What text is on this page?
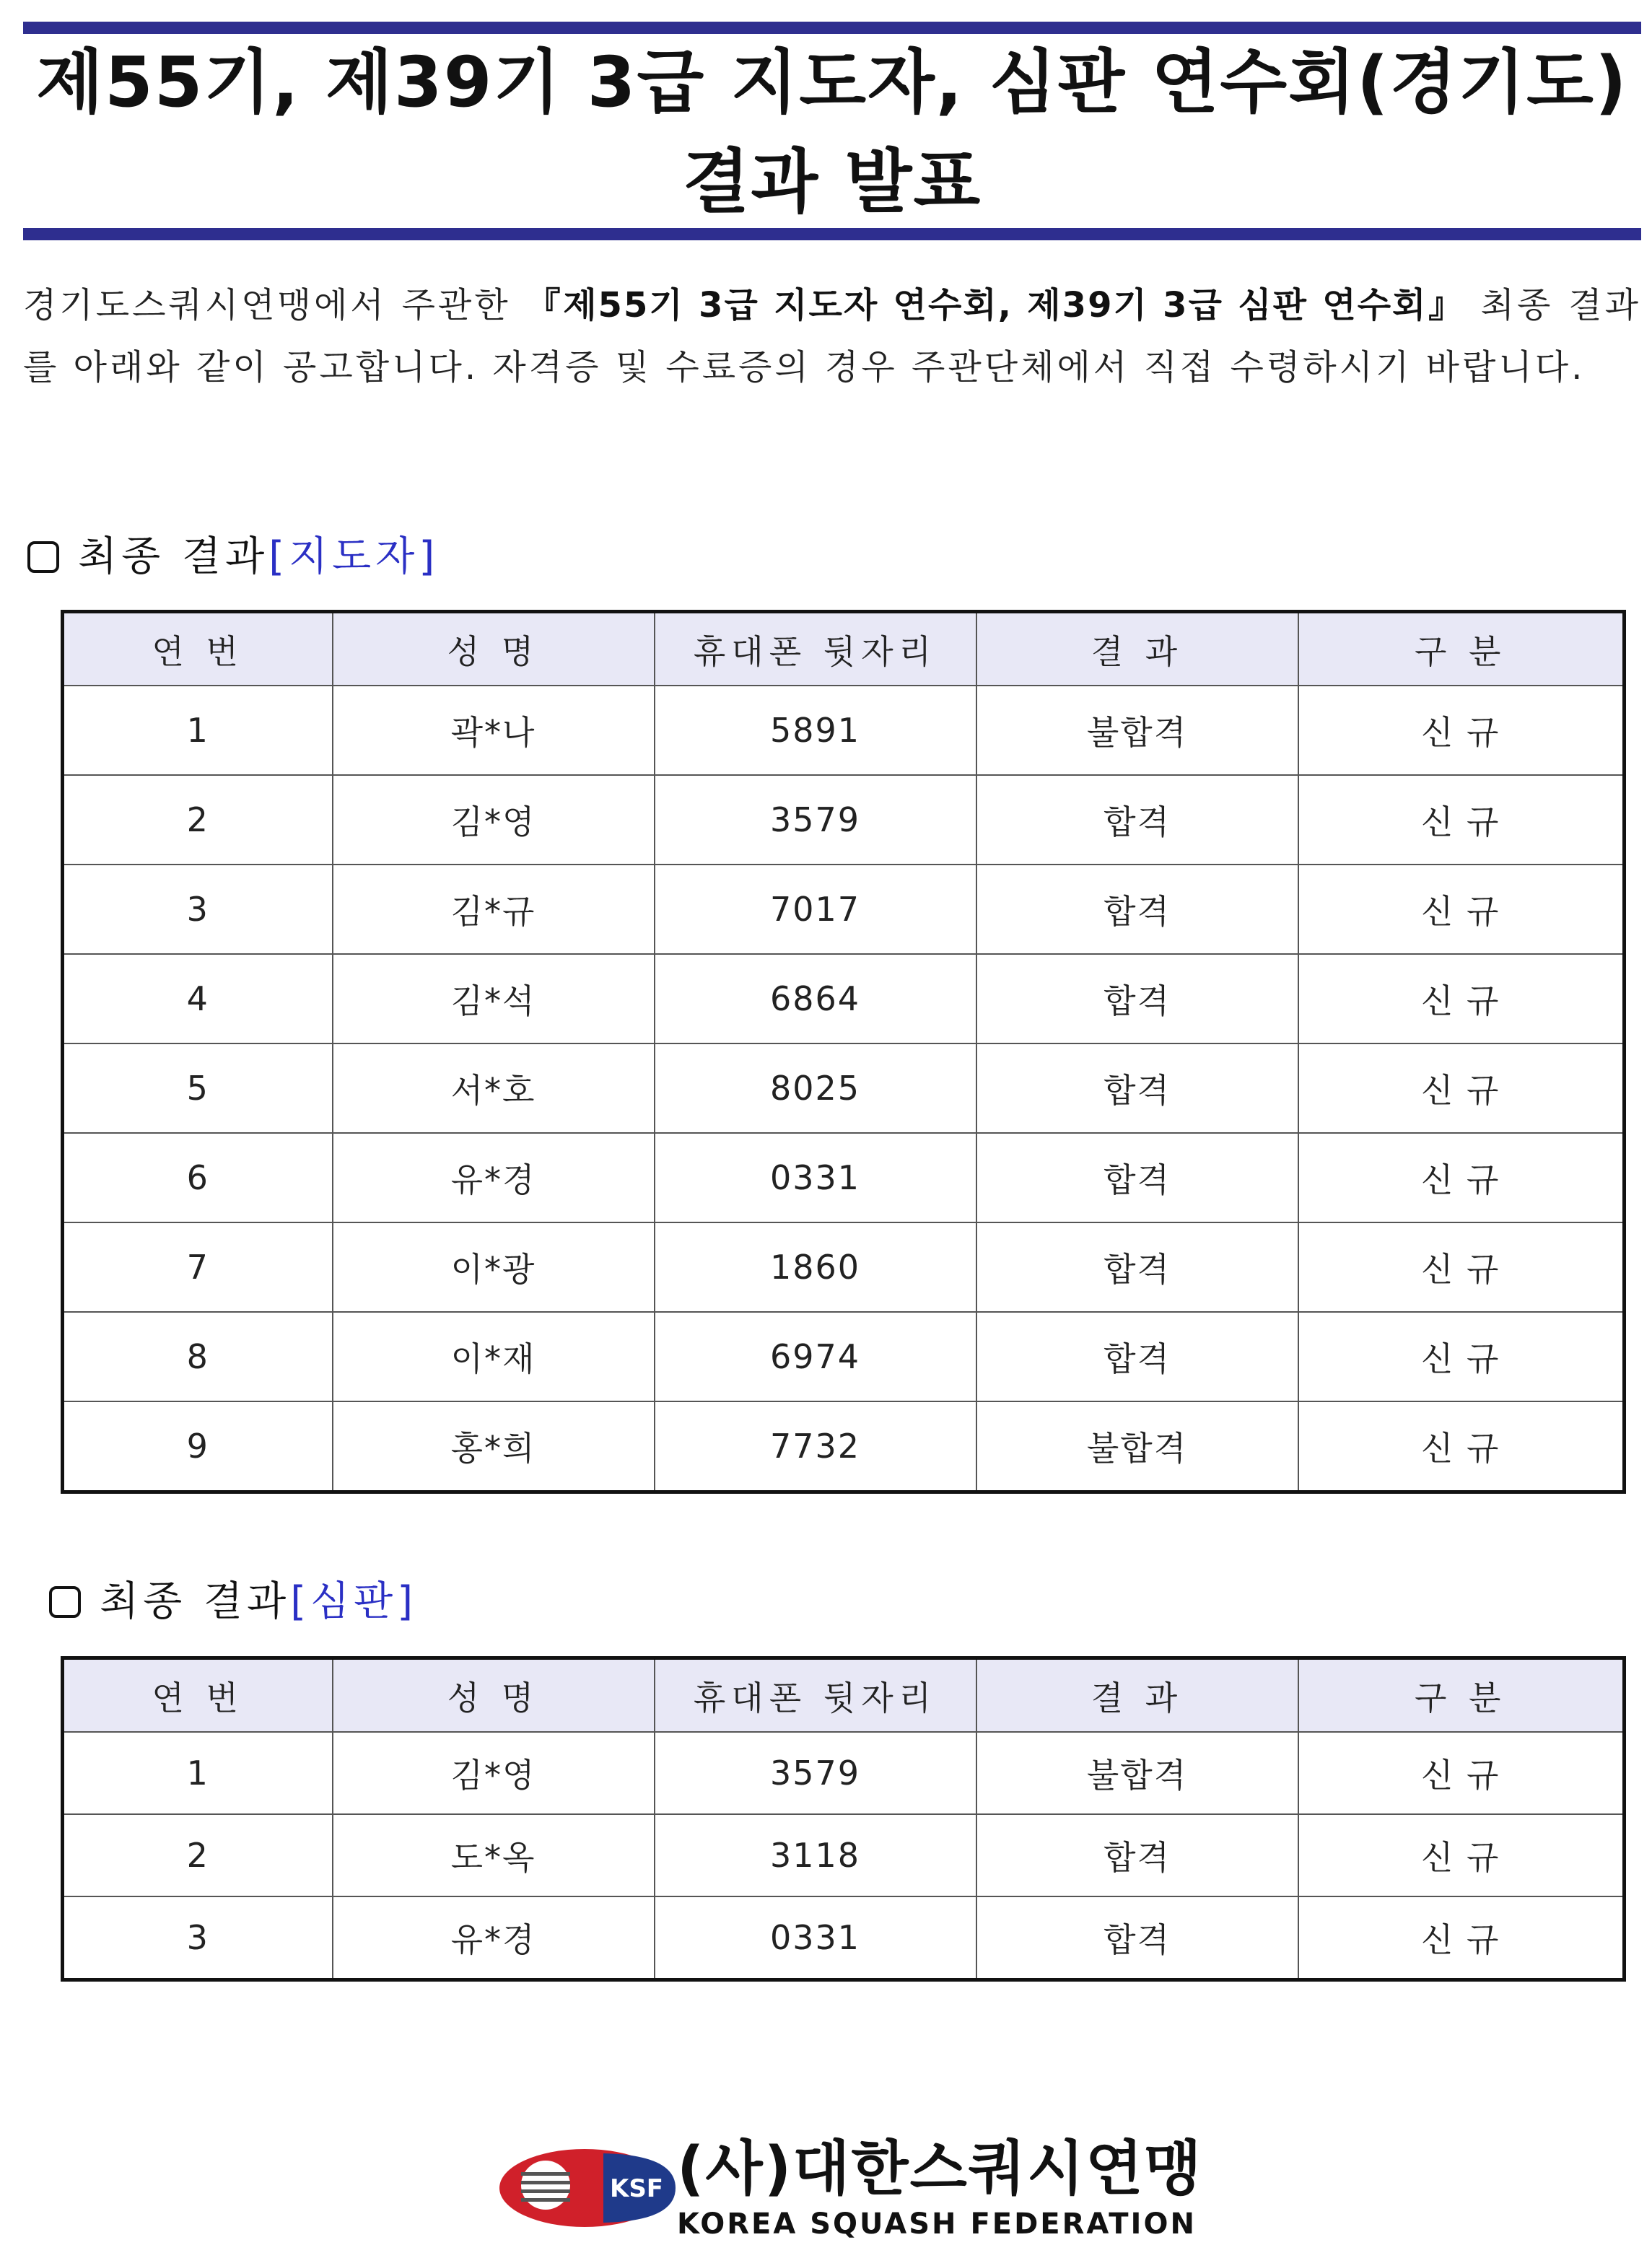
제55기, 제39기 3급 지도자, 심판 연수회(경기도)
결과 발표
경기도스쿼시연맹에서 주관한 『제55기 3급 지도자 연수회, 제39기 3급 심판 연수회』 최종 결과를 아래와 같이 공고합니다. 자격증 및 수료증의 경우 주관단체에서 직접 수령하시기 바랍니다.
최종 결과[지도자]
연 번	성 명	휴대폰 뒷자리	결 과	구 분
1	곽*나	5891	불합격	신 규
2	김*영	3579	합격	신 규
3	김*규	7017	합격	신 규
4	김*석	6864	합격	신 규
5	서*호	8025	합격	신 규
6	유*경	0331	합격	신 규
7	이*광	1860	합격	신 규
8	이*재	6974	합격	신 규
9	홍*희	7732	불합격	신 규
최종 결과[심판]
연 번	성 명	휴대폰 뒷자리	결 과	구 분
1	김*영	3579	불합격	신 규
2	도*옥	3118	합격	신 규
3	유*경	0331	합격	신 규
KSF (사)대한스쿼시연맹
KOREA SQUASH FEDERATION
